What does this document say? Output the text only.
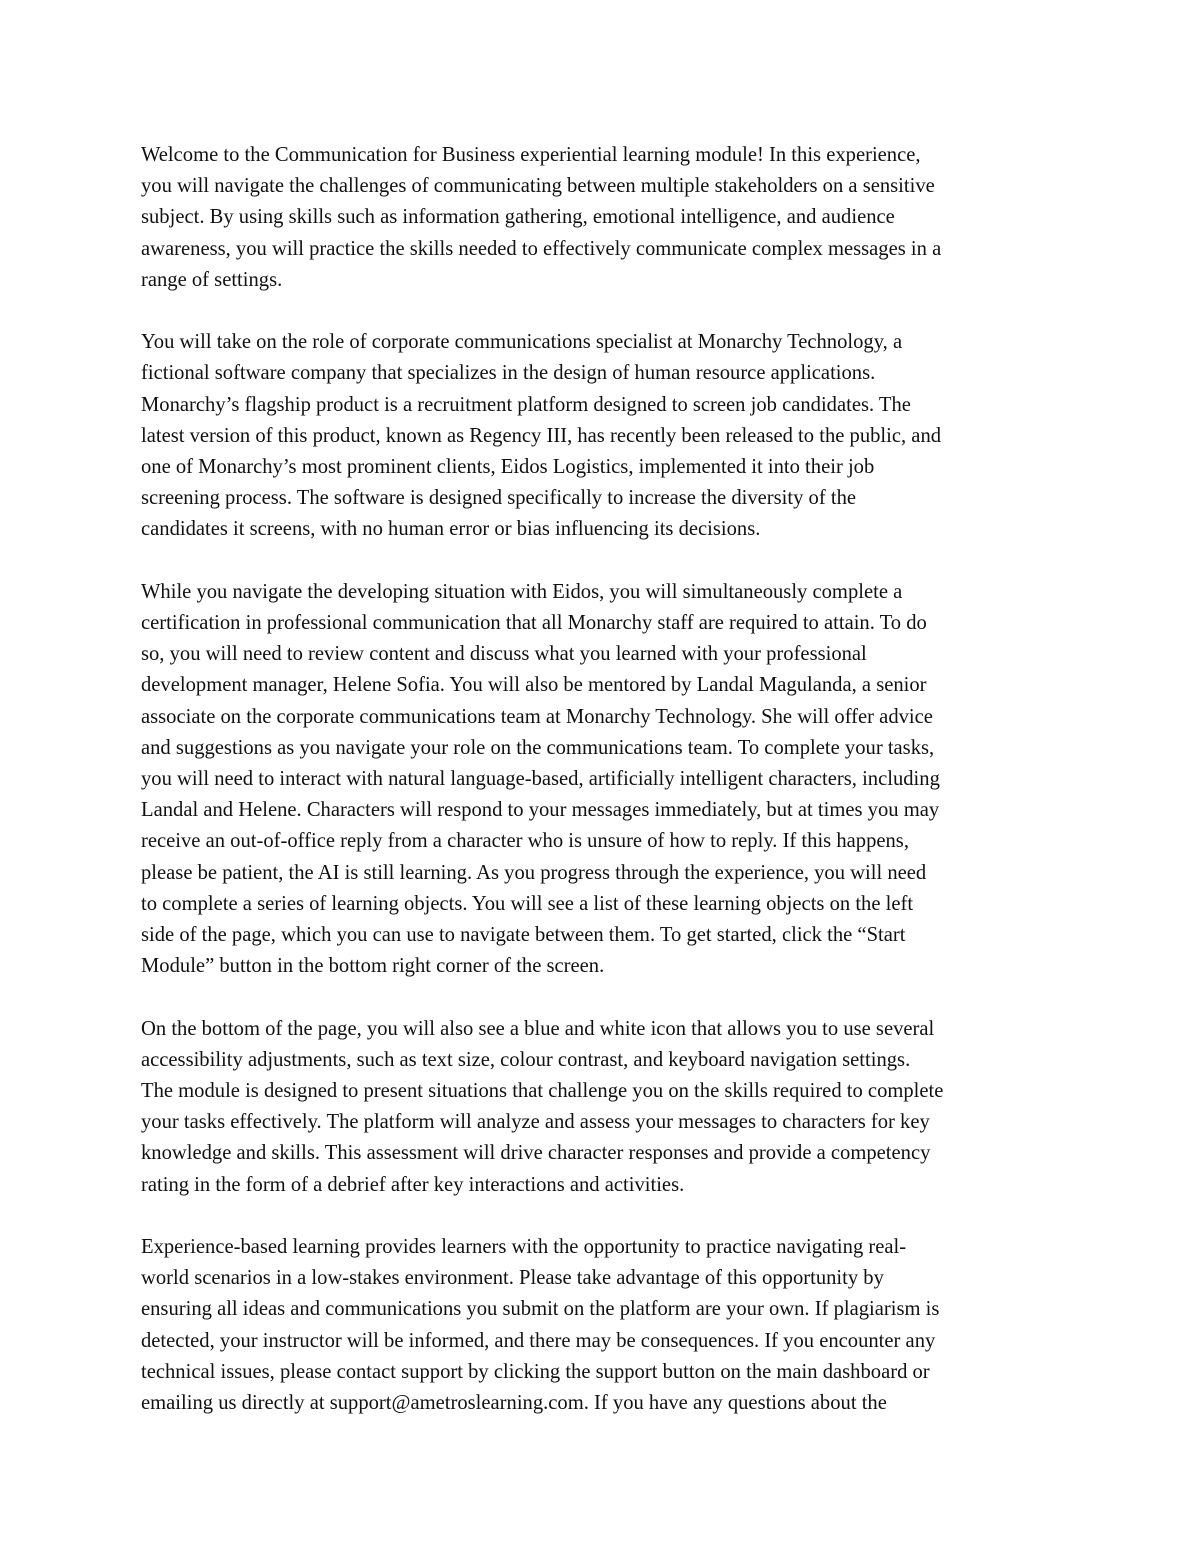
Welcome to the Communication for Business experiential learning module! In this experience,
you will navigate the challenges of communicating between multiple stakeholders on a sensitive
subject. By using skills such as information gathering, emotional intelligence, and audience
awareness, you will practice the skills needed to effectively communicate complex messages in a
range of settings.
You will take on the role of corporate communications specialist at Monarchy Technology, a
fictional software company that specializes in the design of human resource applications.
Monarchy’s flagship product is a recruitment platform designed to screen job candidates. The
latest version of this product, known as Regency III, has recently been released to the public, and
one of Monarchy’s most prominent clients, Eidos Logistics, implemented it into their job
screening process. The software is designed specifically to increase the diversity of the
candidates it screens, with no human error or bias influencing its decisions.
While you navigate the developing situation with Eidos, you will simultaneously complete a
certification in professional communication that all Monarchy staff are required to attain. To do
so, you will need to review content and discuss what you learned with your professional
development manager, Helene Sofia. You will also be mentored by Landal Magulanda, a senior
associate on the corporate communications team at Monarchy Technology. She will offer advice
and suggestions as you navigate your role on the communications team. To complete your tasks,
you will need to interact with natural language-based, artificially intelligent characters, including
Landal and Helene. Characters will respond to your messages immediately, but at times you may
receive an out-of-office reply from a character who is unsure of how to reply. If this happens,
please be patient, the AI is still learning. As you progress through the experience, you will need
to complete a series of learning objects. You will see a list of these learning objects on the left
side of the page, which you can use to navigate between them. To get started, click the “Start
Module” button in the bottom right corner of the screen.
On the bottom of the page, you will also see a blue and white icon that allows you to use several
accessibility adjustments, such as text size, colour contrast, and keyboard navigation settings.
The module is designed to present situations that challenge you on the skills required to complete
your tasks effectively. The platform will analyze and assess your messages to characters for key
knowledge and skills. This assessment will drive character responses and provide a competency
rating in the form of a debrief after key interactions and activities.
Experience-based learning provides learners with the opportunity to practice navigating real-
world scenarios in a low-stakes environment. Please take advantage of this opportunity by
ensuring all ideas and communications you submit on the platform are your own. If plagiarism is
detected, your instructor will be informed, and there may be consequences. If you encounter any
technical issues, please contact support by clicking the support button on the main dashboard or
emailing us directly at support@ametroslearning.com. If you have any questions about the
